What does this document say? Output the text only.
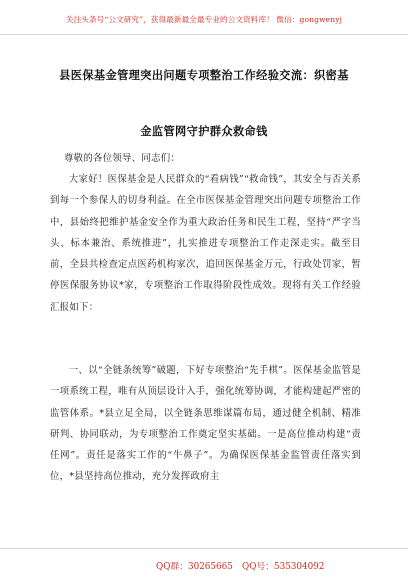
关注头条号“公文研究”，获得最新最全最专业的公文资料库！ 微信：gongwenyj
县医保基金管理突出问题专项整治工作经验交流：织密基
金监管网守护群众救命钱
尊敬的各位领导、同志们：
大家好！医保基金是人民群众的“看病钱”“救命钱”，其安全与否关系到每一个参保人的切身利益。在全市医保基金管理突出问题专项整治工作中，县始终把维护基金安全作为重大政治任务和民生工程，坚持“严字当头、标本兼治、系统推进”，扎实推进专项整治工作走深走实。截至目前，全县共检查定点医药机构家次，追回医保基金万元，行政处罚家，暂停医保服务协议*家，专项整治工作取得阶段性成效。现将有关工作经验汇报如下：
一、以“全链条统筹”破题，下好专项整治“先手棋”。医保基金监管是一项系统工程，唯有从顶层设计入手，强化统筹协调，才能构建起严密的监管体系。*县立足全局，以全链条思维谋篇布局，通过健全机制、精准研判、协同联动，为专项整治工作奠定坚实基础。一是高位推动构建“责任网”。责任是落实工作的“牛鼻子”。为确保医保基金监管责任落实到位，*县坚持高位推动，充分发挥政府主
QQ群：30265665 QQ号：535304092
